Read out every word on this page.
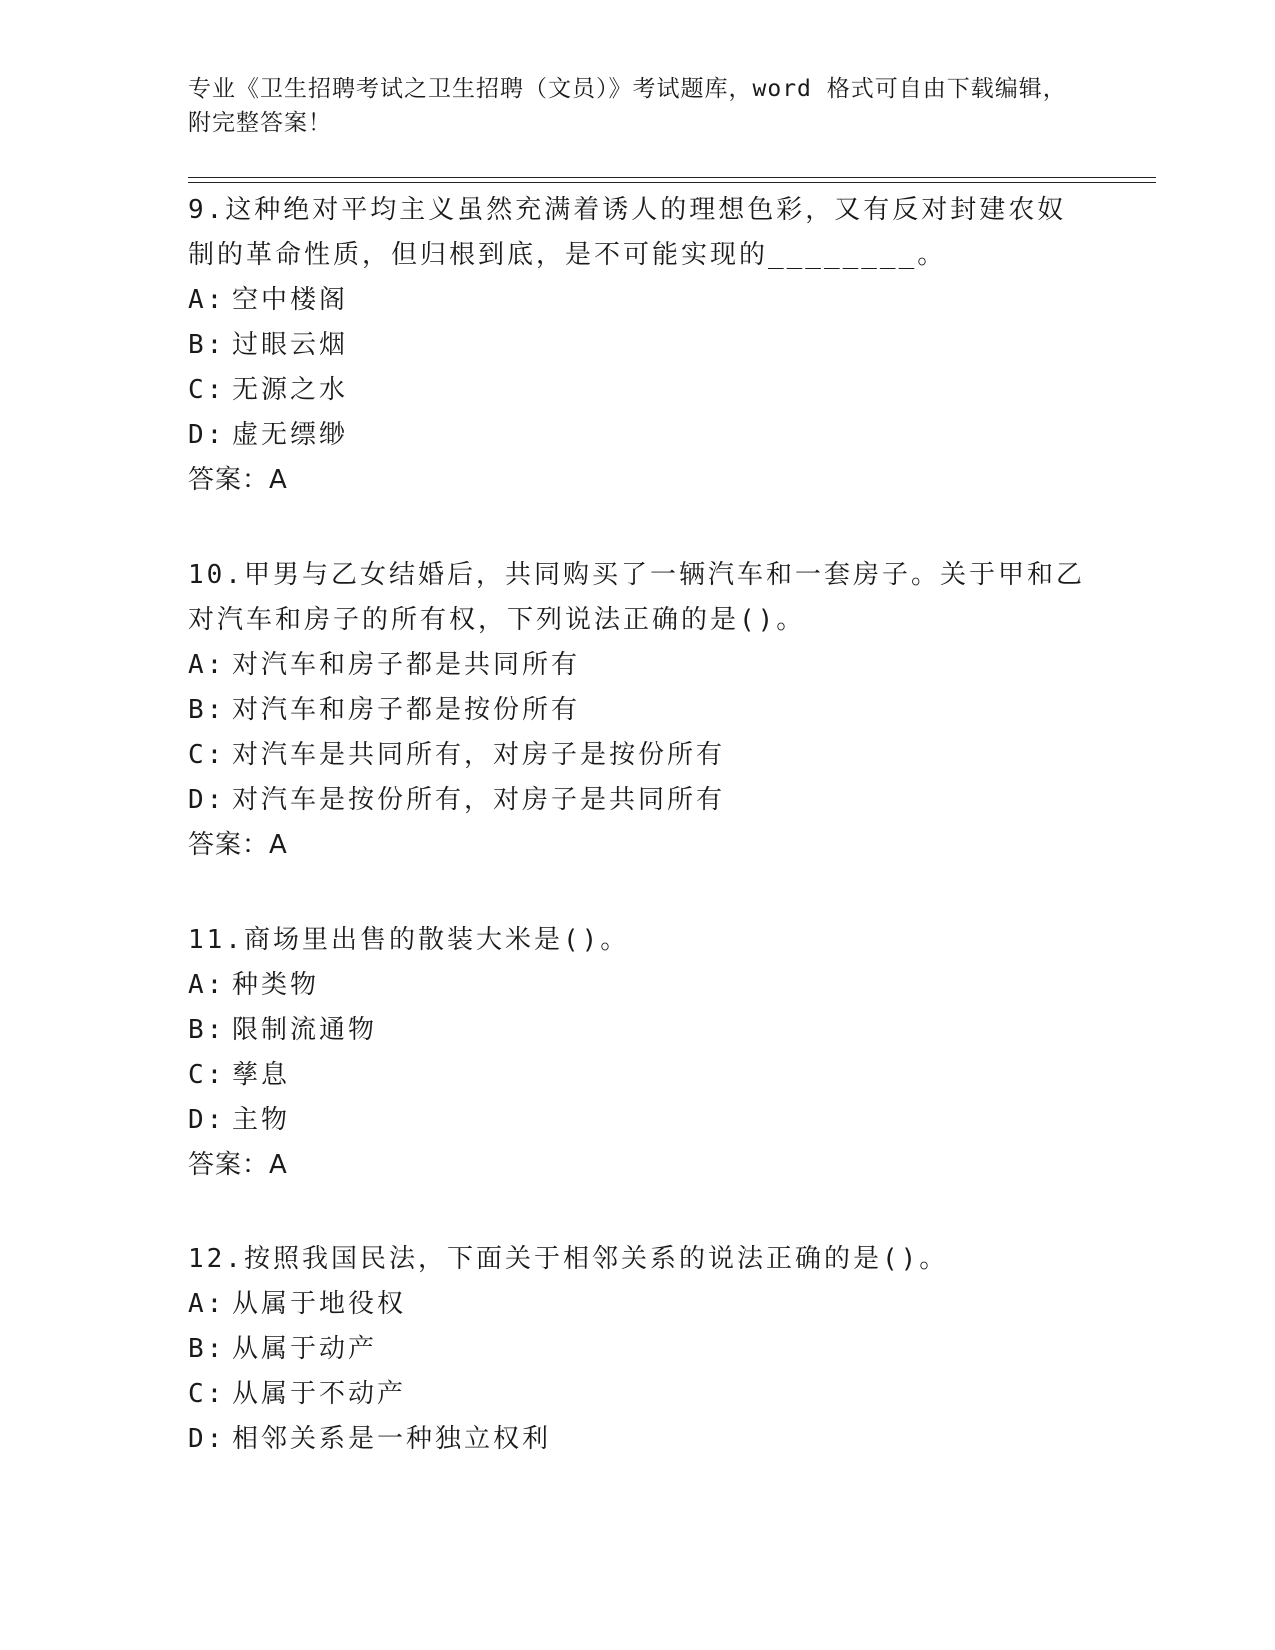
专业《卫生招聘考试之卫生招聘（文员）》考试题库，word 格式可自由下载编辑，附完整答案！

9.这种绝对平均主义虽然充满着诱人的理想色彩，又有反对封建农奴制的革命性质，但归根到底，是不可能实现的________。

A: 空中楼阁

B: 过眼云烟

C: 无源之水

D: 虚无缥缈

答案：A

10.甲男与乙女结婚后，共同购买了一辆汽车和一套房子。关于甲和乙对汽车和房子的所有权，下列说法正确的是()。

A: 对汽车和房子都是共同所有

B: 对汽车和房子都是按份所有

C: 对汽车是共同所有，对房子是按份所有

D: 对汽车是按份所有，对房子是共同所有

答案：A

11.商场里出售的散装大米是()。

A: 种类物

B: 限制流通物

C: 孳息

D: 主物

答案：A

12.按照我国民法，下面关于相邻关系的说法正确的是()。

A: 从属于地役权

B: 从属于动产

C: 从属于不动产

D: 相邻关系是一种独立权利
